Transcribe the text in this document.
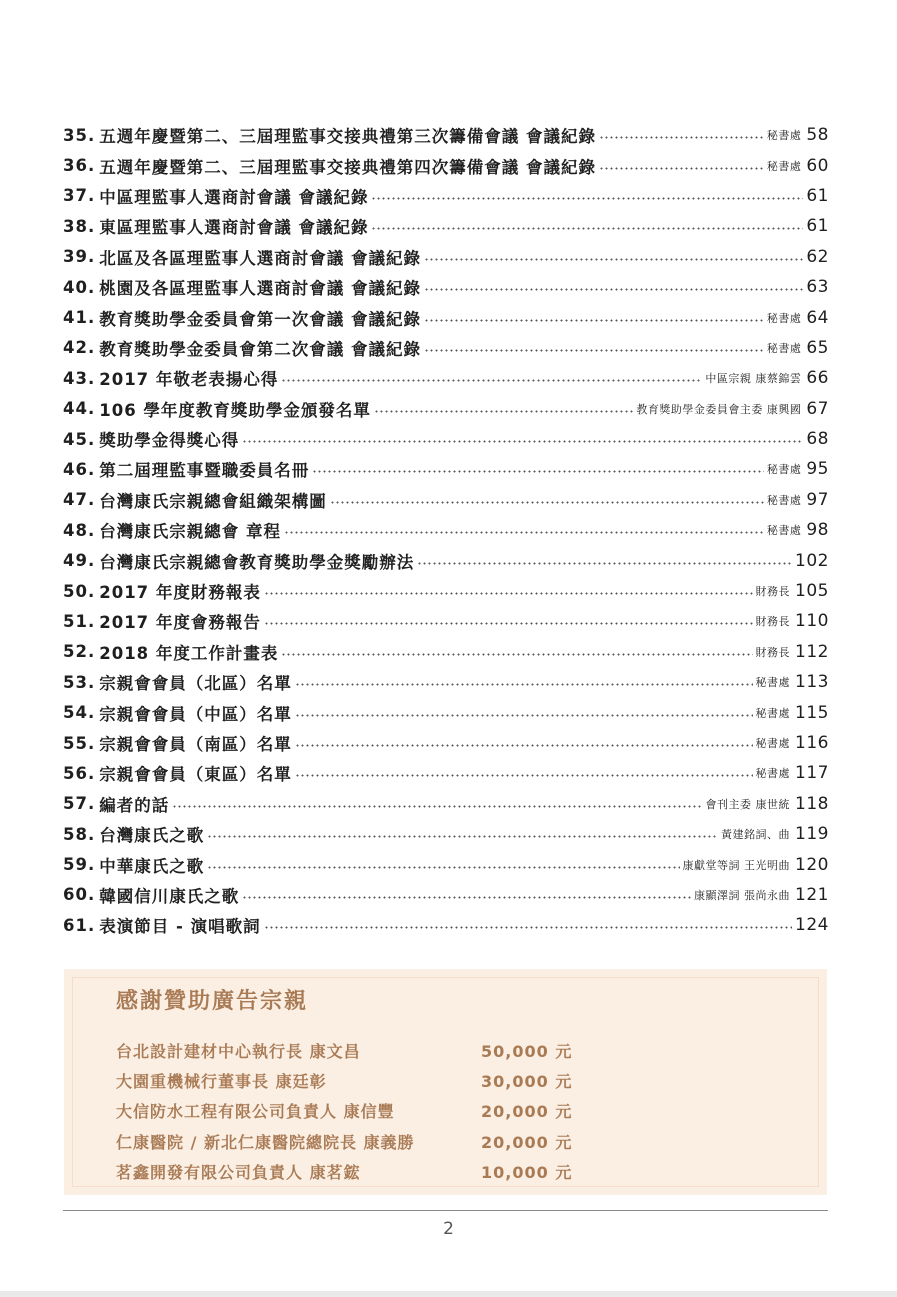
35. 五週年慶暨第二、三屆理監事交接典禮第三次籌備會議 會議紀錄	秘書處 58
36. 五週年慶暨第二、三屆理監事交接典禮第四次籌備會議 會議紀錄	秘書處 60
37. 中區理監事人選商討會議 會議紀錄	61
38. 東區理監事人選商討會議 會議紀錄	61
39. 北區及各區理監事人選商討會議 會議紀錄	62
40. 桃園及各區理監事人選商討會議 會議紀錄	63
41. 教育獎助學金委員會第一次會議 會議紀錄	秘書處 64
42. 教育獎助學金委員會第二次會議 會議紀錄	秘書處 65
43. 2017 年敬老表揚心得	中區宗親 康蔡錦雲 66
44. 106 學年度教育獎助學金頒發名單	教育獎助學金委員會主委 康興國 67
45. 獎助學金得獎心得	68
46. 第二屆理監事暨職委員名冊	秘書處 95
47. 台灣康氏宗親總會組織架構圖	秘書處 97
48. 台灣康氏宗親總會 章程	秘書處 98
49. 台灣康氏宗親總會教育獎助學金獎勵辦法	102
50. 2017 年度財務報表	財務長 105
51. 2017 年度會務報告	財務長 110
52. 2018 年度工作計畫表	財務長 112
53. 宗親會會員（北區）名單	秘書處 113
54. 宗親會會員（中區）名單	秘書處 115
55. 宗親會會員（南區）名單	秘書處 116
56. 宗親會會員（東區）名單	秘書處 117
57. 編者的話	會刊主委 康世統 118
58. 台灣康氏之歌	黃建銘詞、曲 119
59. 中華康氏之歌	康獻堂等詞 王光明曲 120
60. 韓國信川康氏之歌	康顯澤詞 張尚永曲 121
61. 表演節目 - 演唱歌詞	124
感謝贊助廣告宗親
台北設計建材中心執行長 康文昌	50,000 元
大園重機械行董事長 康廷彰	30,000 元
大信防水工程有限公司負責人 康信豐	20,000 元
仁康醫院 / 新北仁康醫院總院長 康義勝	20,000 元
茗鑫開發有限公司負責人 康茗鋐	10,000 元
2
